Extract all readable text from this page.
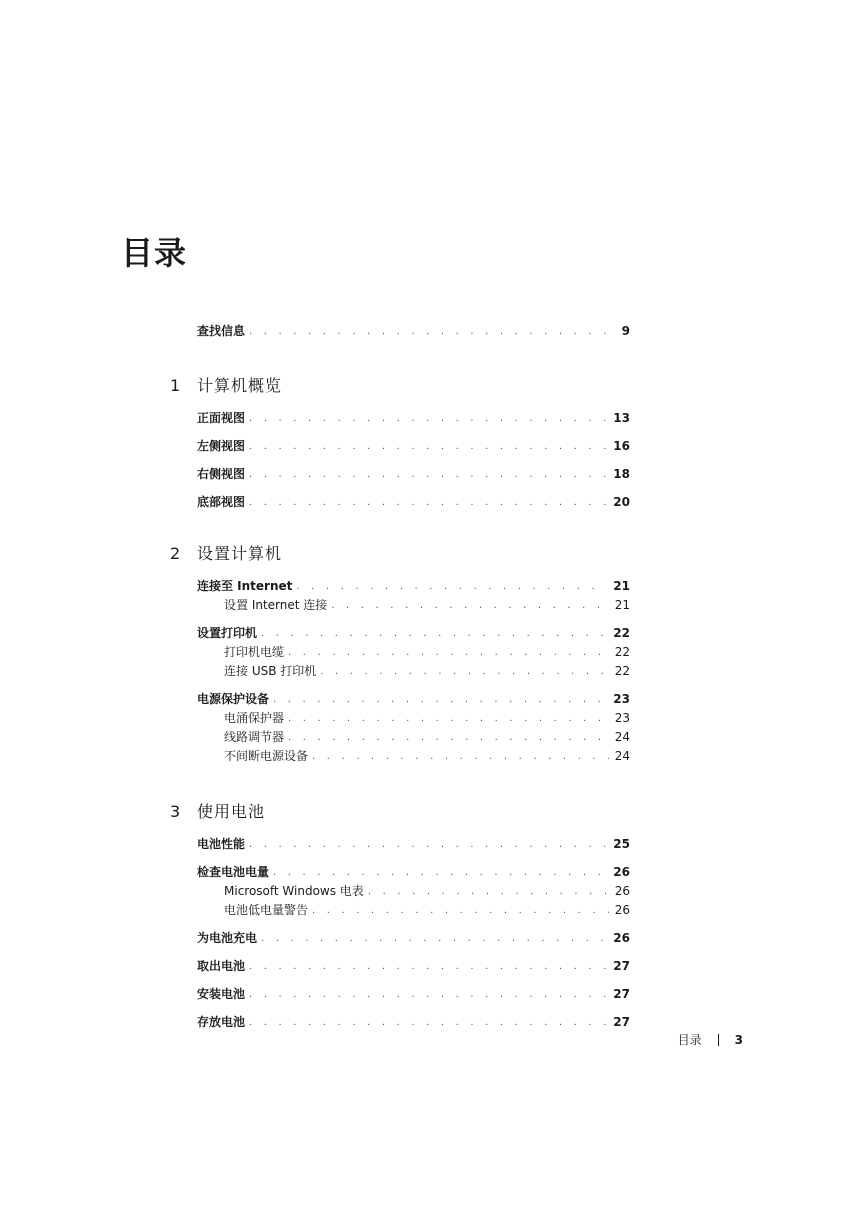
目录
查找信息 . . .	9
1	计算机概览
正面视图 . . .	13
左侧视图 . . .	16
右侧视图 . . .	18
底部视图 . . .	20
2	设置计算机
连接至 Internet . . .	21
设置 Internet 连接 . . .	21
设置打印机 . . .	22
打印机电缆 . . .	22
连接 USB 打印机 . . .	22
电源保护设备 . . .	23
电涌保护器 . . .	23
线路调节器 . . .	24
不间断电源设备 . . .	24
3	使用电池
电池性能 . . .	25
检查电池电量 . . .	26
Microsoft Windows 电表 . . .	26
电池低电量警告 . . .	26
为电池充电 . . .	26
取出电池 . . .	27
安装电池 . . .	27
存放电池 . . .	27
目录	3
